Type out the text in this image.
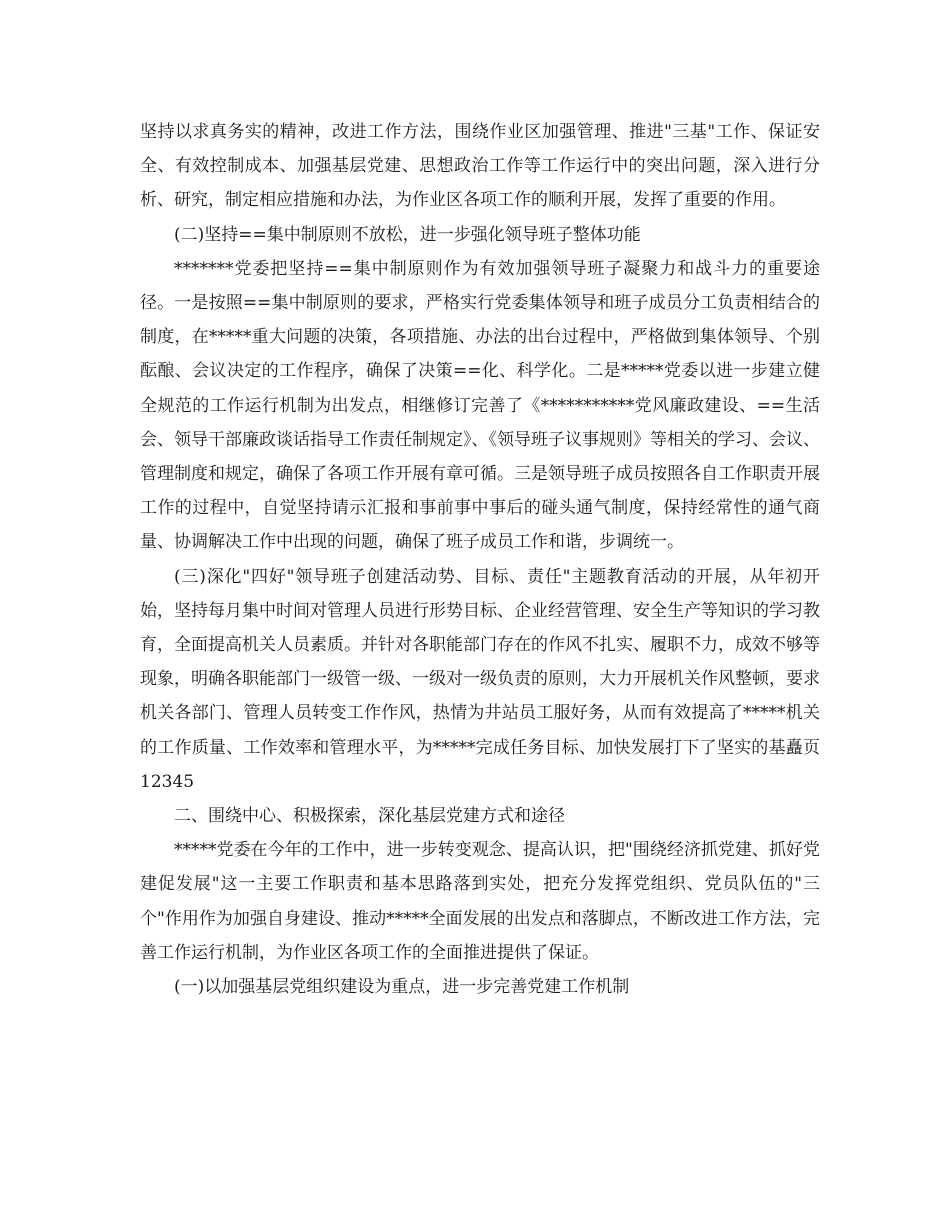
坚持以求真务实的精神，改进工作方法，围绕作业区加强管理、推进"三基"工作、保证安全、有效控制成本、加强基层党建、思想政治工作等工作运行中的突出问题，深入进行分析、研究，制定相应措施和办法，为作业区各项工作的顺利开展，发挥了重要的作用。

(二)坚持==集中制原则不放松，进一步强化领导班子整体功能

*******党委把坚持==集中制原则作为有效加强领导班子凝聚力和战斗力的重要途径。一是按照==集中制原则的要求，严格实行党委集体领导和班子成员分工负责相结合的制度，在*****重大问题的决策，各项措施、办法的出台过程中，严格做到集体领导、个别酝酿、会议决定的工作程序，确保了决策==化、科学化。二是*****党委以进一步建立健全规范的工作运行机制为出发点，相继修订完善了《***********党风廉政建设、==生活会、领导干部廉政谈话指导工作责任制规定》、《领导班子议事规则》等相关的学习、会议、管理制度和规定，确保了各项工作开展有章可循。三是领导班子成员按照各自工作职责开展工作的过程中，自觉坚持请示汇报和事前事中事后的碰头通气制度，保持经常性的通气商量、协调解决工作中出现的问题，确保了班子成员工作和谐，步调统一。

(三)深化"四好"领导班子创建活动势、目标、责任"主题教育活动的开展，从年初开始，坚持每月集中时间对管理人员进行形势目标、企业经营管理、安全生产等知识的学习教育，全面提高机关人员素质。并针对各职能部门存在的作风不扎实、履职不力，成效不够等现象，明确各职能部门一级管一级、一级对一级负责的原则，大力开展机关作风整顿，要求机关各部门、管理人员转变工作作风，热情为井站员工服好务，从而有效提高了*****机关的工作质量、工作效率和管理水平，为*****完成任务目标、加快发展打下了坚实的基矗页 12345

二、围绕中心、积极探索，深化基层党建方式和途径

*****党委在今年的工作中，进一步转变观念、提高认识，把"围绕经济抓党建、抓好党建促发展"这一主要工作职责和基本思路落到实处，把充分发挥党组织、党员队伍的"三个"作用作为加强自身建设、推动*****全面发展的出发点和落脚点，不断改进工作方法，完善工作运行机制，为作业区各项工作的全面推进提供了保证。

(一)以加强基层党组织建设为重点，进一步完善党建工作机制
